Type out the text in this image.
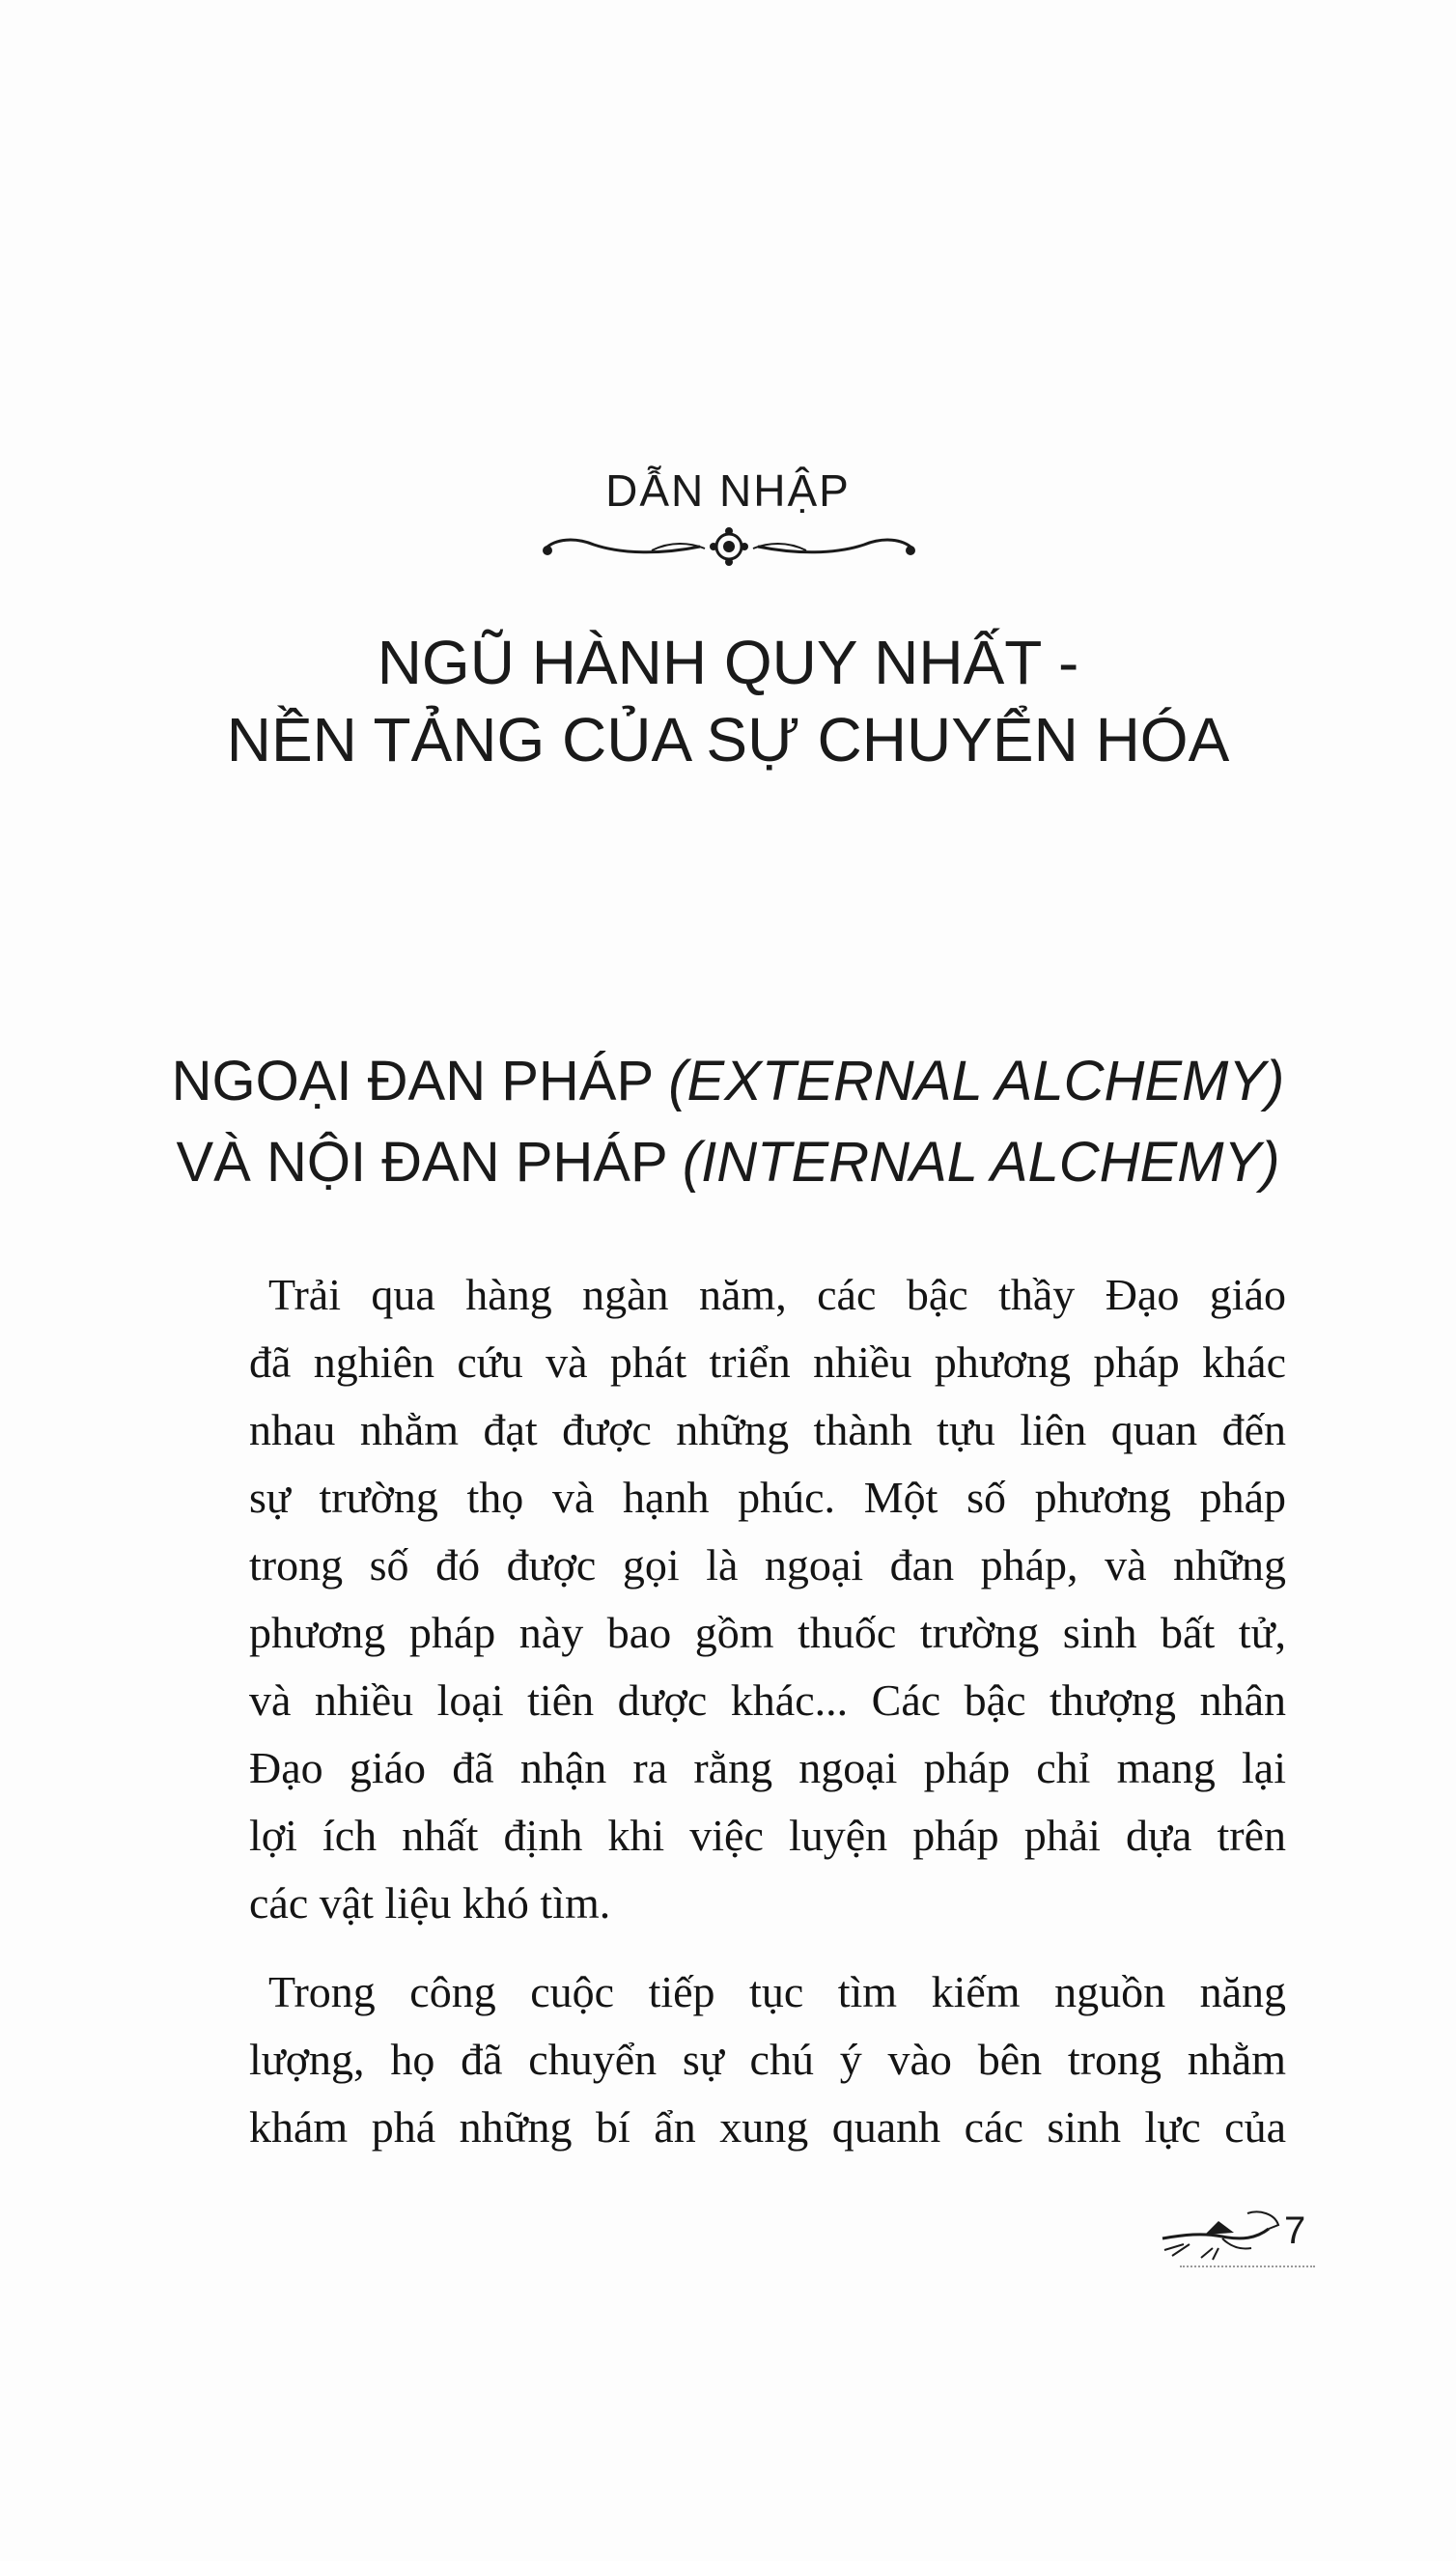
DẪN NHẬP
NGŨ HÀNH QUY NHẤT -
NỀN TẢNG CỦA SỰ CHUYỂN HÓA
NGOẠI ĐAN PHÁP (EXTERNAL ALCHEMY)
VÀ NỘI ĐAN PHÁP (INTERNAL ALCHEMY)
Trải qua hàng ngàn năm, các bậc thầy Đạo giáo
đã nghiên cứu và phát triển nhiều phương pháp khác
nhau nhằm đạt được những thành tựu liên quan đến
sự trường thọ và hạnh phúc. Một số phương pháp
trong số đó được gọi là ngoại đan pháp, và những
phương pháp này bao gồm thuốc trường sinh bất tử,
và nhiều loại tiên dược khác... Các bậc thượng nhân
Đạo giáo đã nhận ra rằng ngoại pháp chỉ mang lại
lợi ích nhất định khi việc luyện pháp phải dựa trên
các vật liệu khó tìm.
Trong công cuộc tiếp tục tìm kiếm nguồn năng
lượng, họ đã chuyển sự chú ý vào bên trong nhằm
khám phá những bí ẩn xung quanh các sinh lực của
7
